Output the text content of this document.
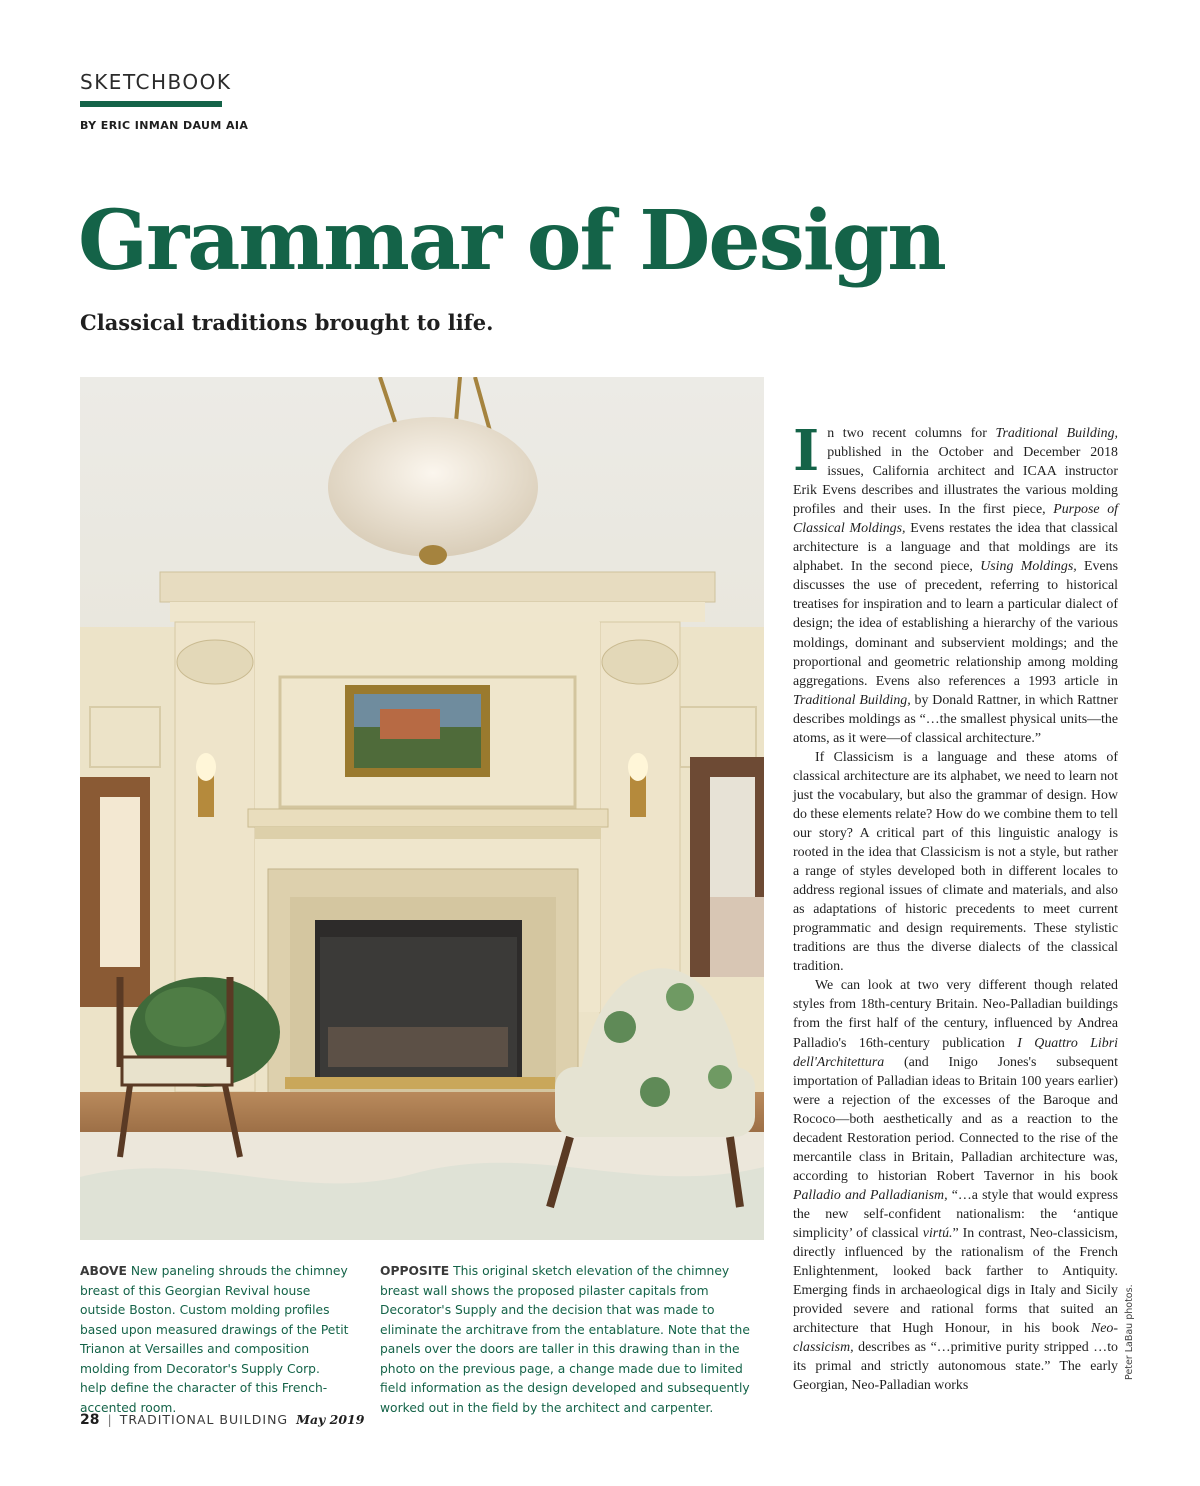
SKETCHBOOK
BY ERIC INMAN DAUM AIA
Grammar of Design
Classical traditions brought to life.
ABOVE New paneling shrouds the chimney breast of this Georgian Revival house outside Boston. Custom molding profiles based upon measured drawings of the Petit Trianon at Versailles and composition molding from Decorator's Supply Corp. help define the character of this French-accented room.
OPPOSITE This original sketch elevation of the chimney breast wall shows the proposed pilaster capitals from Decorator's Supply and the decision that was made to eliminate the architrave from the entablature. Note that the panels over the doors are taller in this drawing than in the photo on the previous page, a change made due to limited field information as the design developed and subsequently worked out in the field by the architect and carpenter.

In two recent columns for Traditional Building, published in the October and December 2018 issues, California architect and ICAA instructor Erik Evens describes and illustrates the various molding profiles and their uses. In the first piece, Purpose of Classical Moldings, Evens restates the idea that classical architecture is a language and that moldings are its alphabet. In the second piece, Using Moldings, Evens discusses the use of precedent, referring to historical treatises for inspiration and to learn a particular dialect of design; the idea of establishing a hierarchy of the various moldings, dominant and subservient moldings; and the proportional and geometric relationship among molding aggregations. Evens also references a 1993 article in Traditional Building, by Donald Rattner, in which Rattner describes moldings as “…the smallest physical units—the atoms, as it were—of classical architecture.”

If Classicism is a language and these atoms of classical architecture are its alphabet, we need to learn not just the vocabulary, but also the grammar of design. How do these elements relate? How do we combine them to tell our story? A critical part of this linguistic analogy is rooted in the idea that Classicism is not a style, but rather a range of styles developed both in different locales to address regional issues of climate and materials, and also as adaptations of historic precedents to meet current programmatic and design requirements. These stylistic traditions are thus the diverse dialects of the classical tradition.

We can look at two very different though related styles from 18th-century Britain. Neo-Palladian buildings from the first half of the century, influenced by Andrea Palladio's 16th-century publication I Quattro Libri dell'Architettura (and Inigo Jones's subsequent importation of Palladian ideas to Britain 100 years earlier) were a rejection of the excesses of the Baroque and Rococo—both aesthetically and as a reaction to the decadent Restoration period. Connected to the rise of the mercantile class in Britain, Palladian architecture was, according to historian Robert Tavernor in his book Palladio and Palladianism, “…a style that would express the new self-confident nationalism: the ‘antique simplicity’ of classical virtú.” In contrast, Neo-classicism, directly influenced by the rationalism of the French Enlightenment, looked back farther to Antiquity. Emerging finds in archaeological digs in Italy and Sicily provided severe and rational forms that suited an architecture that Hugh Honour, in his book Neo-classicism, describes as “…primitive purity stripped …to its primal and strictly autonomous state.” The early Georgian, Neo-Palladian works

Peter LaBau photos.
28 | TRADITIONAL BUILDING May 2019
